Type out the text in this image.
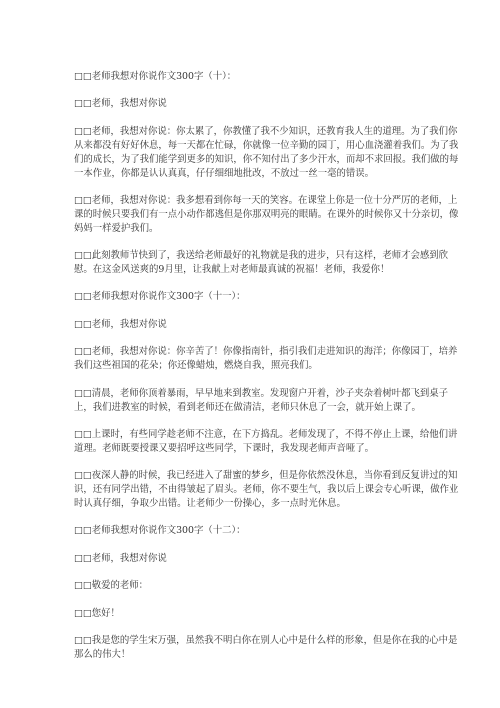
□□老师我想对你说作文300字（十）：

□□老师，我想对你说

□□老师，我想对你说：你太累了，你教懂了我不少知识，还教育我人生的道理。为了我们你从来都没有好好休息，每一天都在忙碌，你就像一位辛勤的园丁，用心血浇灌着我们。为了我们的成长，为了我们能学到更多的知识，你不知付出了多少汗水，而却不求回报。我们做的每一本作业，你都是认认真真，仔仔细细地批改，不放过一丝一毫的错误。

□□老师，我想对你说：我多想看到你每一天的笑容。在课堂上你是一位十分严厉的老师，上课的时候只要我们有一点小动作都逃但是你那双明亮的眼睛。在课外的时候你又十分亲切，像妈妈一样爱护我们。

□□此刻教师节快到了，我送给老师最好的礼物就是我的进步，只有这样，老师才会感到欣慰。在这金风送爽的9月里，让我献上对老师最真诚的祝福！老师，我爱你！

□□老师我想对你说作文300字（十一）：

□□老师，我想对你说

□□老师，我想对你说：你辛苦了！你像指南针，指引我们走进知识的海洋；你像园丁，培养我们这些祖国的花朵；你还像蜡烛，燃烧自我，照亮我们。

□□清晨，老师你顶着暴雨，早早地来到教室。发现窗户开着，沙子夹杂着树叶都飞到桌子上，我们进教室的时候，看到老师还在做清洁，老师只休息了一会，就开始上课了。

□□上课时，有些同学趁老师不注意，在下方捣乱。老师发现了，不得不停止上课，给他们讲道理。老师既要授课又要招呼这些同学，下课时，我发现老师声音哑了。

□□夜深人静的时候，我已经进入了甜蜜的梦乡，但是你依然没休息，当你看到反复讲过的知识，还有同学出错，不由得皱起了眉头。老师，你不要生气，我以后上课会专心听课，做作业时认真仔细，争取少出错。让老师少一份操心，多一点时光休息。

□□老师我想对你说作文300字（十二）：

□□老师，我想对你说

□□敬爱的老师：

□□您好！

□□我是您的学生宋万强，虽然我不明白你在别人心中是什么样的形象，但是你在我的心中是那么的伟大！
